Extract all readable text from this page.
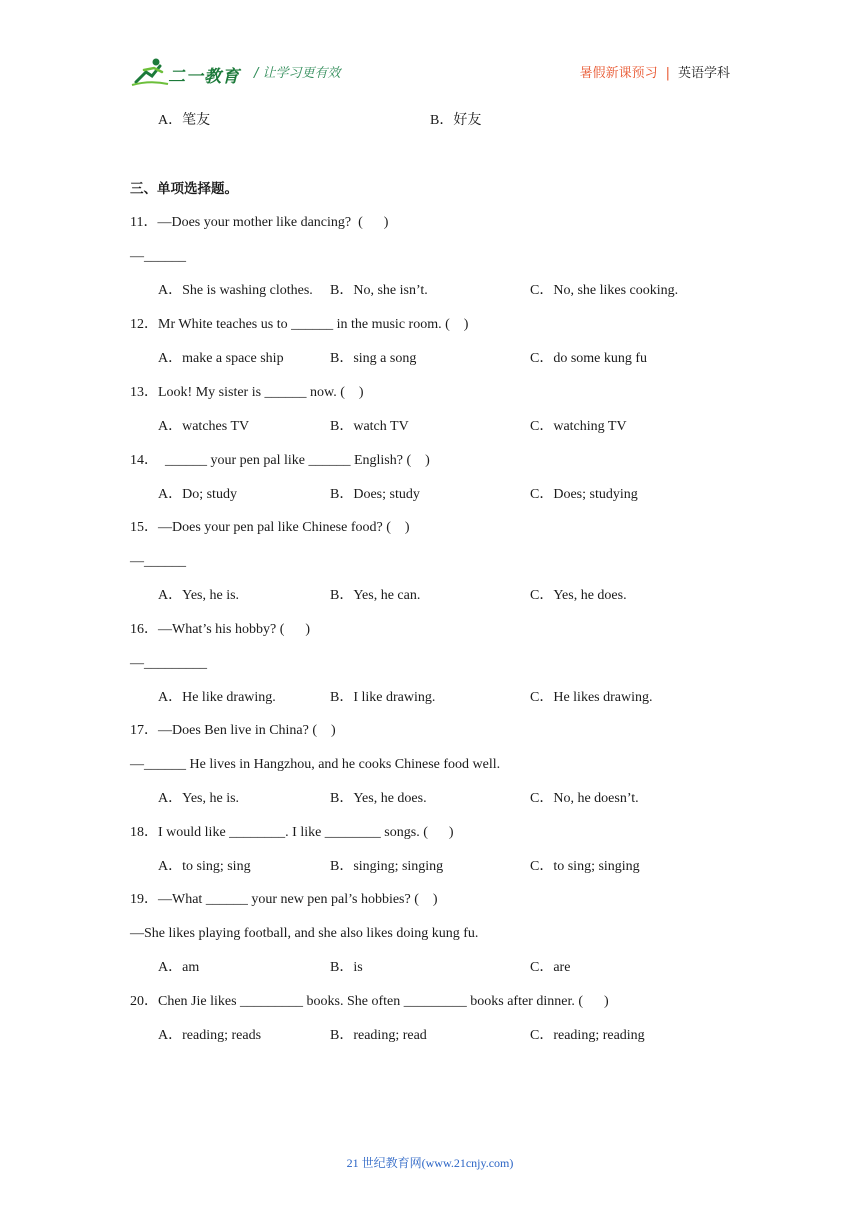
二一教育 / 让学习更有效	暑假新课预习 | 英语学科
A．笔友	B．好友
三、单项选择题。
11．—Does your mother like dancing?  (      )
—______
A．She is washing clothes. B．No, she isn’t.	C．No, she likes cooking.
12．Mr White teaches us to ______ in the music room. (    )
A．make a space ship	B．sing a song	C．do some kung fu
13．Look! My sister is ______ now. (    )
A．watches TV	B．watch TV	C．watching TV
14．  ______ your pen pal like ______ English? (    )
A．Do; study	B．Does; study	C．Does; studying
15．—Does your pen pal like Chinese food? (    )
—______
A．Yes, he is.	B．Yes, he can.	C．Yes, he does.
16．—What’s his hobby? (      )
—_________
A．He like drawing.	B．I like drawing.	C．He likes drawing.
17．—Does Ben live in China? (    )
—______ He lives in Hangzhou, and he cooks Chinese food well.
A．Yes, he is.	B．Yes, he does.	C．No, he doesn’t.
18．I would like ________. I like ________ songs. (      )
A．to sing; sing	B．singing; singing	C．to sing; singing
19．—What ______ your new pen pal’s hobbies? (    )
—She likes playing football, and she also likes doing kung fu.
A．am	B．is	C．are
20．Chen Jie likes _________ books. She often _________ books after dinner. (      )
A．reading; reads	B．reading; read	C．reading; reading
21 世纪教育网(www.21cnjy.com)
